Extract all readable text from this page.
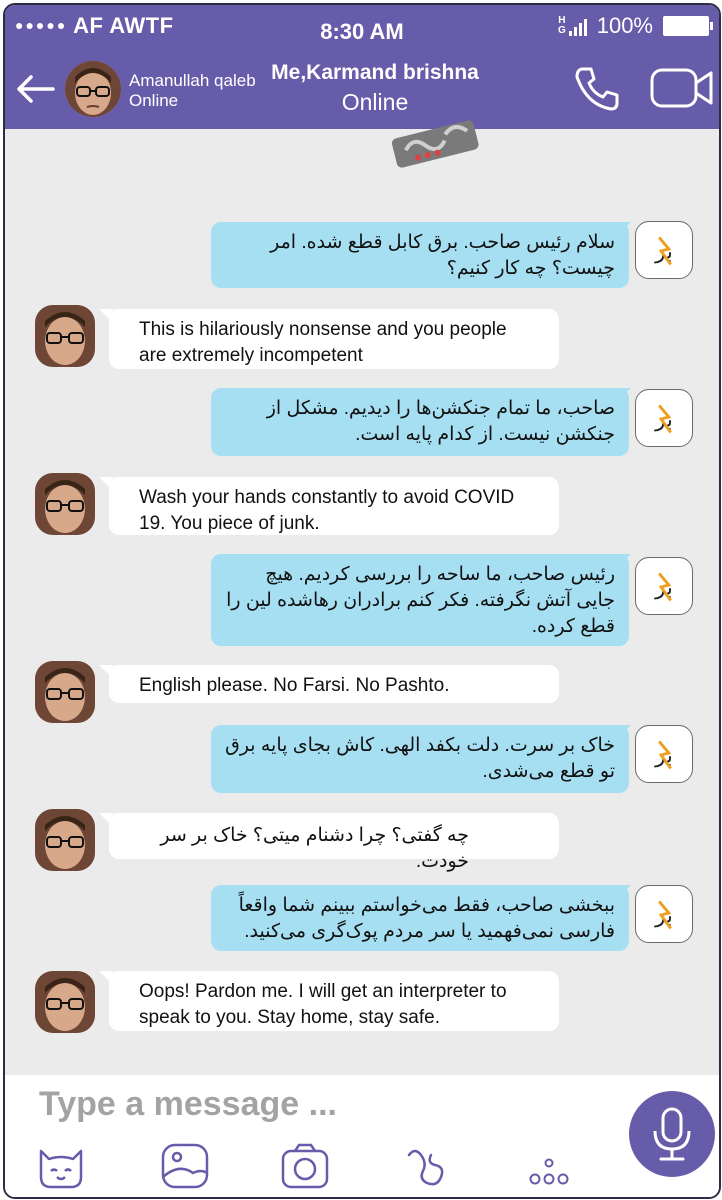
●●●●● AF AWTF	8:30 AM	H
G 100%
Amanullah qaleb
Online
Me,Karmand brishna
Online
بر
سلام رئیس صاحب. برق کابل قطع شده. امر چیست؟ چه کار کنیم؟
This is hilariously nonsense and you people are extremely incompetent
بر
صاحب، ما تمام جنکشن‌ها را دیدیم. مشکل از جنکشن نیست. از کدام پایه است.
Wash your hands constantly to avoid COVID 19. You piece of junk.
بر
رئیس صاحب، ما ساحه را بررسی کردیم. هیچ جایی آتش نگرفته. فکر کنم برادران رهاشده لین را قطع کرده.
English please. No Farsi. No Pashto.
بر
خاک بر سرت. دلت بکفد الهی. کاش بجای پایه برق تو قطع می‌شدی.
چه گفتی؟ چرا دشنام میتی؟ خاک بر سر خودت.
بر
ببخشی صاحب، فقط می‌خواستم ببینم شما واقعاً فارسی نمی‌فهمید یا سر مردم پوک‌گری می‌کنید.
Oops! Pardon me. I will get an interpreter to speak to you. Stay home, stay safe.
Type a message ...
